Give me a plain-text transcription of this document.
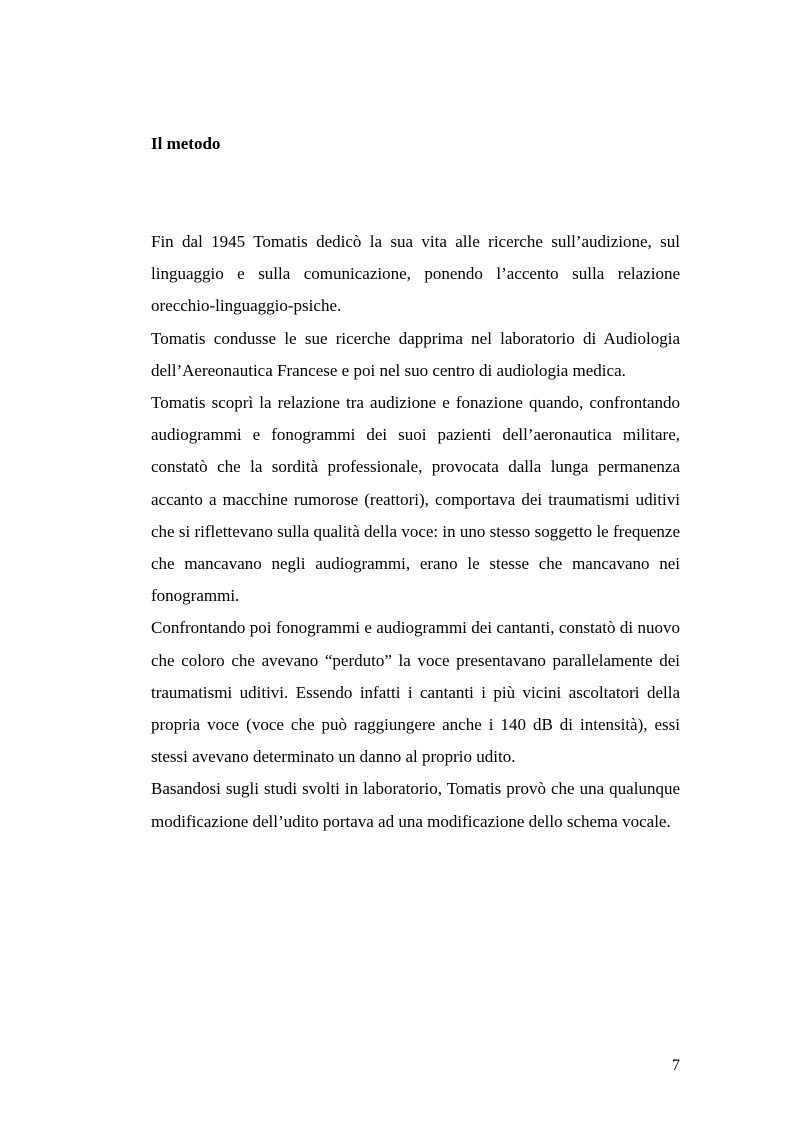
Il metodo

Fin dal 1945 Tomatis dedicò la sua vita alle ricerche sull’audizione, sul linguaggio e sulla comunicazione, ponendo l’accento sulla relazione orecchio-linguaggio-psiche.

Tomatis condusse le sue ricerche dapprima nel laboratorio di Audiologia dell’Aereonautica Francese e poi nel suo centro di audiologia medica.

Tomatis scoprì la relazione tra audizione e fonazione quando, confrontando audiogrammi e fonogrammi dei suoi pazienti dell’aeronautica militare, constatò che la sordità professionale, provocata dalla lunga permanenza accanto a macchine rumorose (reattori), comportava dei traumatismi uditivi che si riflettevano sulla qualità della voce: in uno stesso soggetto le frequenze che mancavano negli audiogrammi, erano le stesse che mancavano nei fonogrammi.

Confrontando poi fonogrammi e audiogrammi dei cantanti, constatò di nuovo che coloro che avevano “perduto” la voce presentavano parallelamente dei traumatismi uditivi. Essendo infatti i cantanti i più vicini ascoltatori della propria voce (voce che può raggiungere anche i 140 dB di intensità), essi stessi avevano determinato un danno al proprio udito.

Basandosi sugli studi svolti in laboratorio, Tomatis provò che una qualunque modificazione dell’udito portava ad una modificazione dello schema vocale.

7
